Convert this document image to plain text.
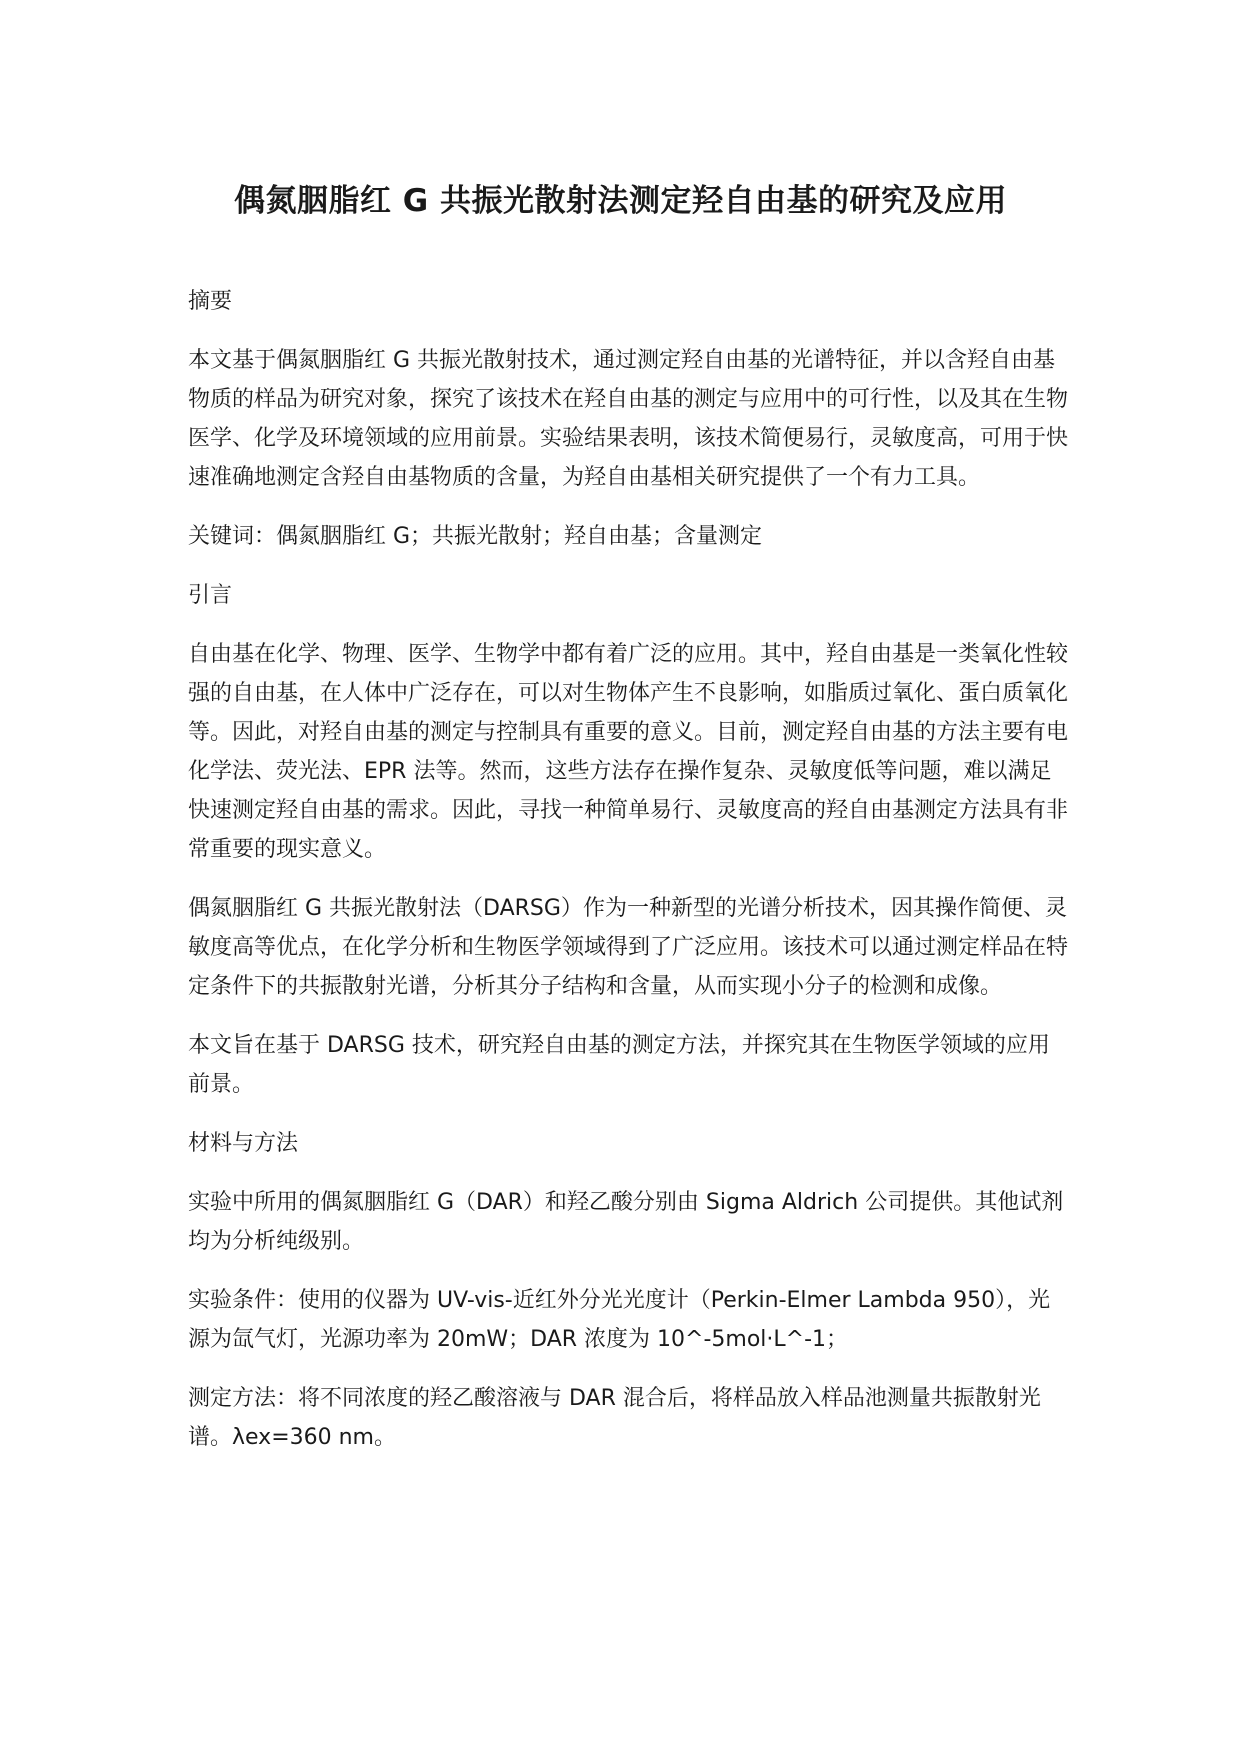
偶氮胭脂红 G 共振光散射法测定羟自由基的研究及应用

摘要

本文基于偶氮胭脂红 G 共振光散射技术，通过测定羟自由基的光谱特征，并以含羟自由基物质的样品为研究对象，探究了该技术在羟自由基的测定与应用中的可行性，以及其在生物医学、化学及环境领域的应用前景。实验结果表明，该技术简便易行，灵敏度高，可用于快速准确地测定含羟自由基物质的含量，为羟自由基相关研究提供了一个有力工具。

关键词：偶氮胭脂红 G；共振光散射；羟自由基；含量测定

引言

自由基在化学、物理、医学、生物学中都有着广泛的应用。其中，羟自由基是一类氧化性较强的自由基，在人体中广泛存在，可以对生物体产生不良影响，如脂质过氧化、蛋白质氧化等。因此，对羟自由基的测定与控制具有重要的意义。目前，测定羟自由基的方法主要有电化学法、荧光法、EPR 法等。然而，这些方法存在操作复杂、灵敏度低等问题，难以满足快速测定羟自由基的需求。因此，寻找一种简单易行、灵敏度高的羟自由基测定方法具有非常重要的现实意义。

偶氮胭脂红 G 共振光散射法（DARSG）作为一种新型的光谱分析技术，因其操作简便、灵敏度高等优点，在化学分析和生物医学领域得到了广泛应用。该技术可以通过测定样品在特定条件下的共振散射光谱，分析其分子结构和含量，从而实现小分子的检测和成像。

本文旨在基于 DARSG 技术，研究羟自由基的测定方法，并探究其在生物医学领域的应用前景。

材料与方法

实验中所用的偶氮胭脂红 G（DAR）和羟乙酸分别由 Sigma Aldrich 公司提供。其他试剂均为分析纯级别。

实验条件：使用的仪器为 UV-vis-近红外分光光度计（Perkin-Elmer Lambda 950），光源为氙气灯，光源功率为 20mW；DAR 浓度为 10^-5mol·L^-1；

测定方法：将不同浓度的羟乙酸溶液与 DAR 混合后，将样品放入样品池测量共振散射光谱。λex=360 nm。
